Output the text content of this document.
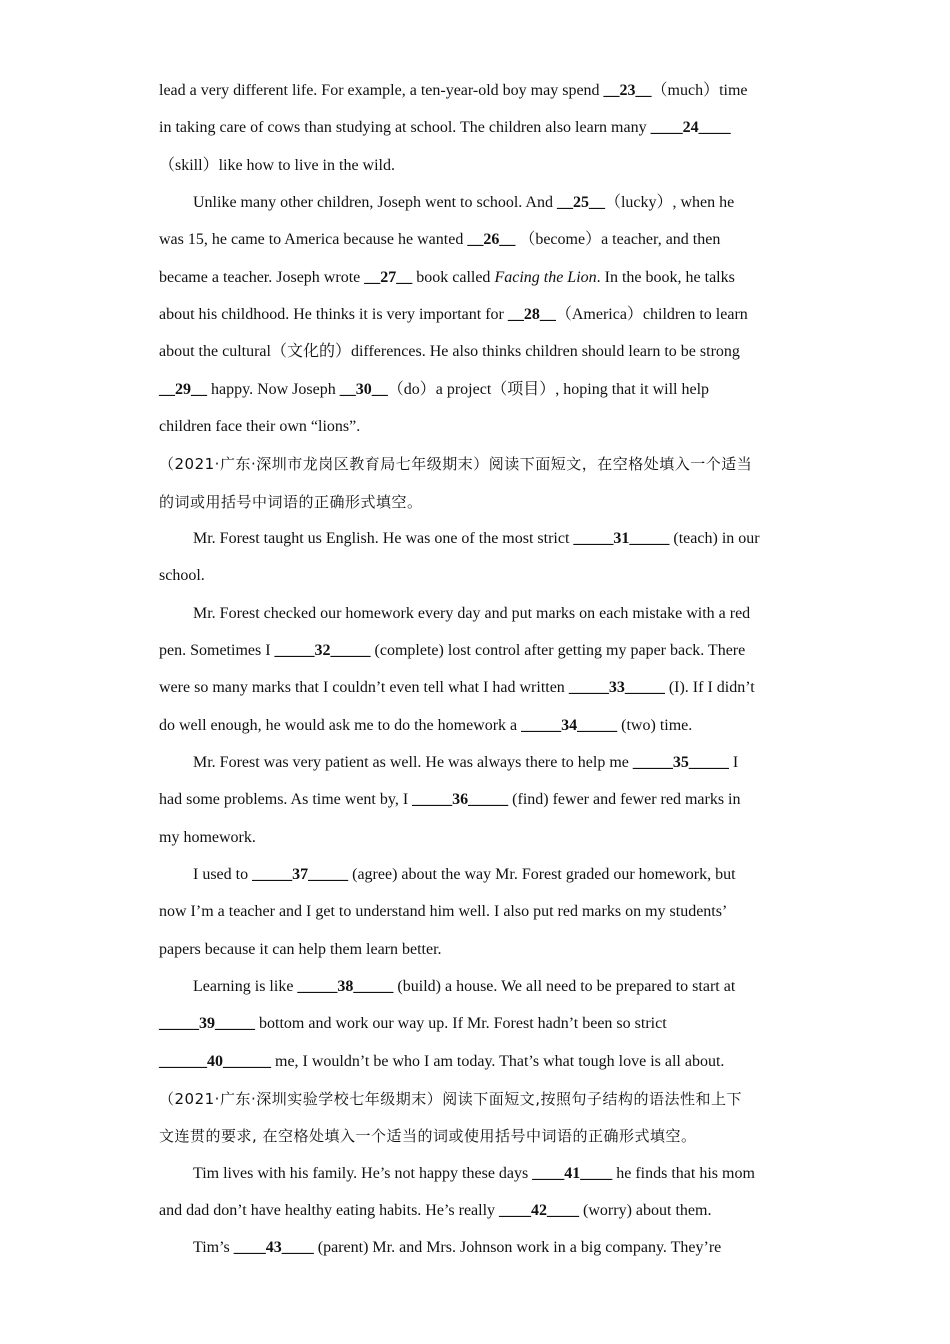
lead a very different life. For example, a ten-year-old boy may spend __23__（much）time
in taking care of cows than studying at school. The children also learn many ____24____
（skill）like how to live in the wild.
Unlike many other children, Joseph went to school. And __25__（lucky）, when he
was 15, he came to America because he wanted __26__ （become）a teacher, and then
became a teacher. Joseph wrote __27__ book called Facing the Lion. In the book, he talks
about his childhood. He thinks it is very important for __28__（America）children to learn
about the cultural（文化的）differences. He also thinks children should learn to be strong
__29__ happy. Now Joseph __30__（do）a project（项目）, hoping that it will help
children face their own “lions”.
（2021·广东·深圳市龙岗区教育局七年级期末）阅读下面短文，在空格处填入一个适当
的词或用括号中词语的正确形式填空。
Mr. Forest taught us English. He was one of the most strict _____31_____ (teach) in our
school.
Mr. Forest checked our homework every day and put marks on each mistake with a red
pen. Sometimes I _____32_____ (complete) lost control after getting my paper back. There
were so many marks that I couldn’t even tell what I had written _____33_____ (I). If I didn’t
do well enough, he would ask me to do the homework a _____34_____ (two) time.
Mr. Forest was very patient as well. He was always there to help me _____35_____ I
had some problems. As time went by, I _____36_____ (find) fewer and fewer red marks in
my homework.
I used to _____37_____ (agree) about the way Mr. Forest graded our homework, but
now I’m a teacher and I get to understand him well. I also put red marks on my students’
papers because it can help them learn better.
Learning is like _____38_____ (build) a house. We all need to be prepared to start at
_____39_____ bottom and work our way up. If Mr. Forest hadn’t been so strict
______40______ me, I wouldn’t be who I am today. That’s what tough love is all about.
（2021·广东·深圳实验学校七年级期末）阅读下面短文,按照句子结构的语法性和上下
文连贯的要求, 在空格处填入一个适当的词或使用括号中词语的正确形式填空。
Tim lives with his family. He’s not happy these days ____41____ he finds that his mom
and dad don’t have healthy eating habits. He’s really ____42____ (worry) about them.
Tim’s ____43____ (parent) Mr. and Mrs. Johnson work in a big company. They’re
